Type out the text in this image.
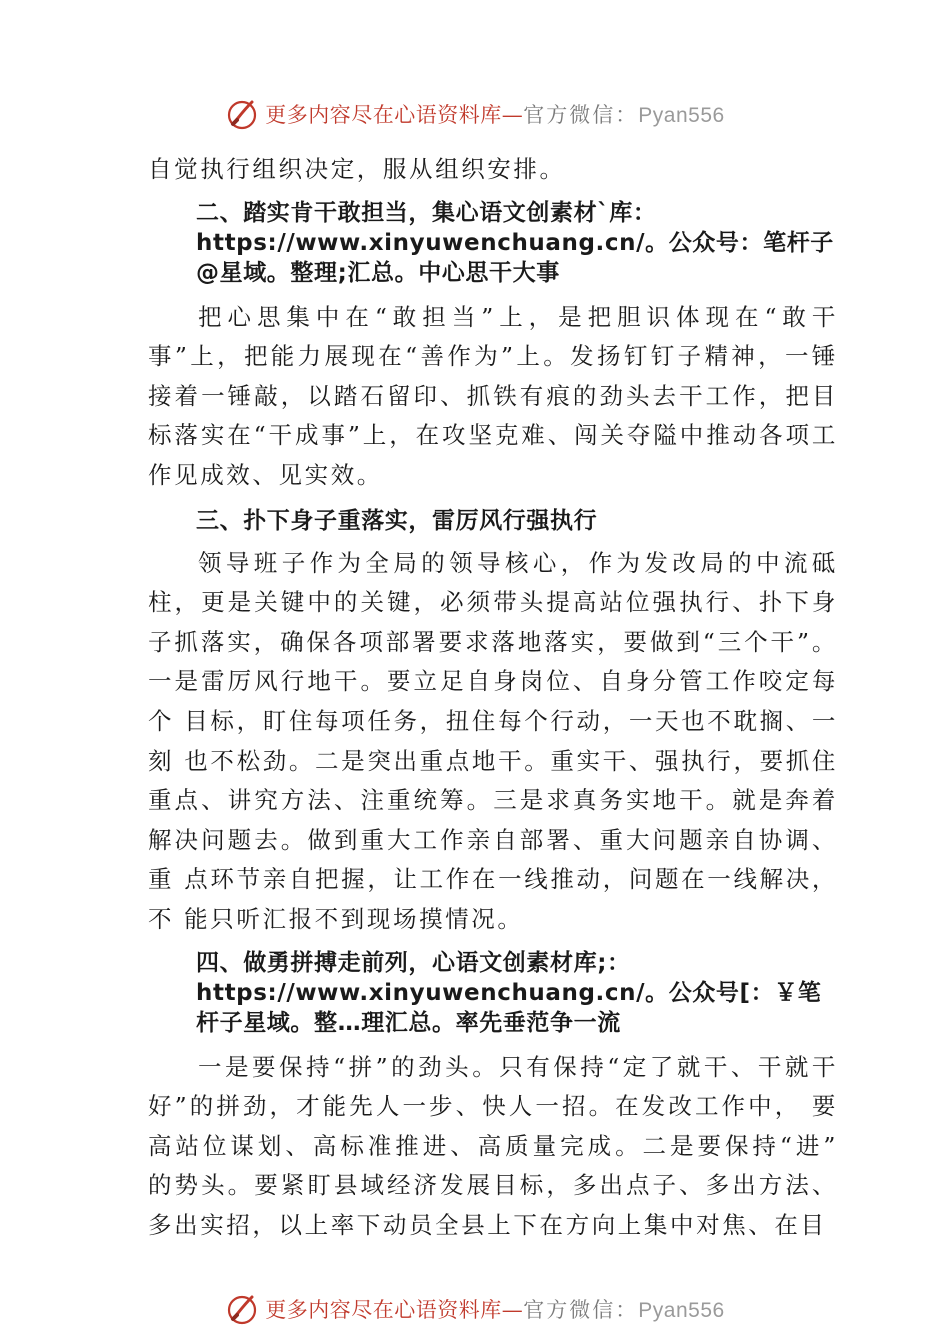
更多内容尽在心语资料库—官方微信：Pyan556

自觉执行组织决定，服从组织安排。

二、踏实肯干敢担当，集心语文创素材`库：https://www.xinyuwenchuang.cn/。公众号：笔杆子@星域。整理;汇总。中心思干大事

把心思集中在“敢担当”上，是把胆识体现在“敢干事”上，把能力展现在“善作为”上。发扬钉钉子精神，一锤接着一锤敲，以踏石留印、抓铁有痕的劲头去干工作，把目标落实在“干成事”上，在攻坚克难、闯关夺隘中推动各项工作见成效、见实效。

三、扑下身子重落实，雷厉风行强执行

领导班子作为全局的领导核心，作为发改局的中流砥柱，更是关键中的关键，必须带头提高站位强执行、扑下身子抓落实，确保各项部署要求落地落实，要做到“三个干”。一是雷厉风行地干。要立足自身岗位、自身分管工作咬定每个 目标，盯住每项任务，扭住每个行动，一天也不耽搁、一刻 也不松劲。二是突出重点地干。重实干、强执行，要抓住重点、讲究方法、注重统筹。三是求真务实地干。就是奔着解决问题去。做到重大工作亲自部署、重大问题亲自协调、重 点环节亲自把握，让工作在一线推动，问题在一线解决，不 能只听汇报不到现场摸情况。

四、做勇拼搏走前列，心语文创素材库;：https://www.xinyuwenchuang.cn/。公众号[：￥笔杆子星域。整…理汇总。率先垂范争一流

一是要保持“拼”的劲头。只有保持“定了就干、干就干好”的拼劲，才能先人一步、快人一招。在发改工作中， 要高站位谋划、高标准推进、高质量完成。二是要保持“进” 的势头。要紧盯县域经济发展目标，多出点子、多出方法、 多出实招，以上率下动员全县上下在方向上集中对焦、在目

更多内容尽在心语资料库—官方微信：Pyan556
